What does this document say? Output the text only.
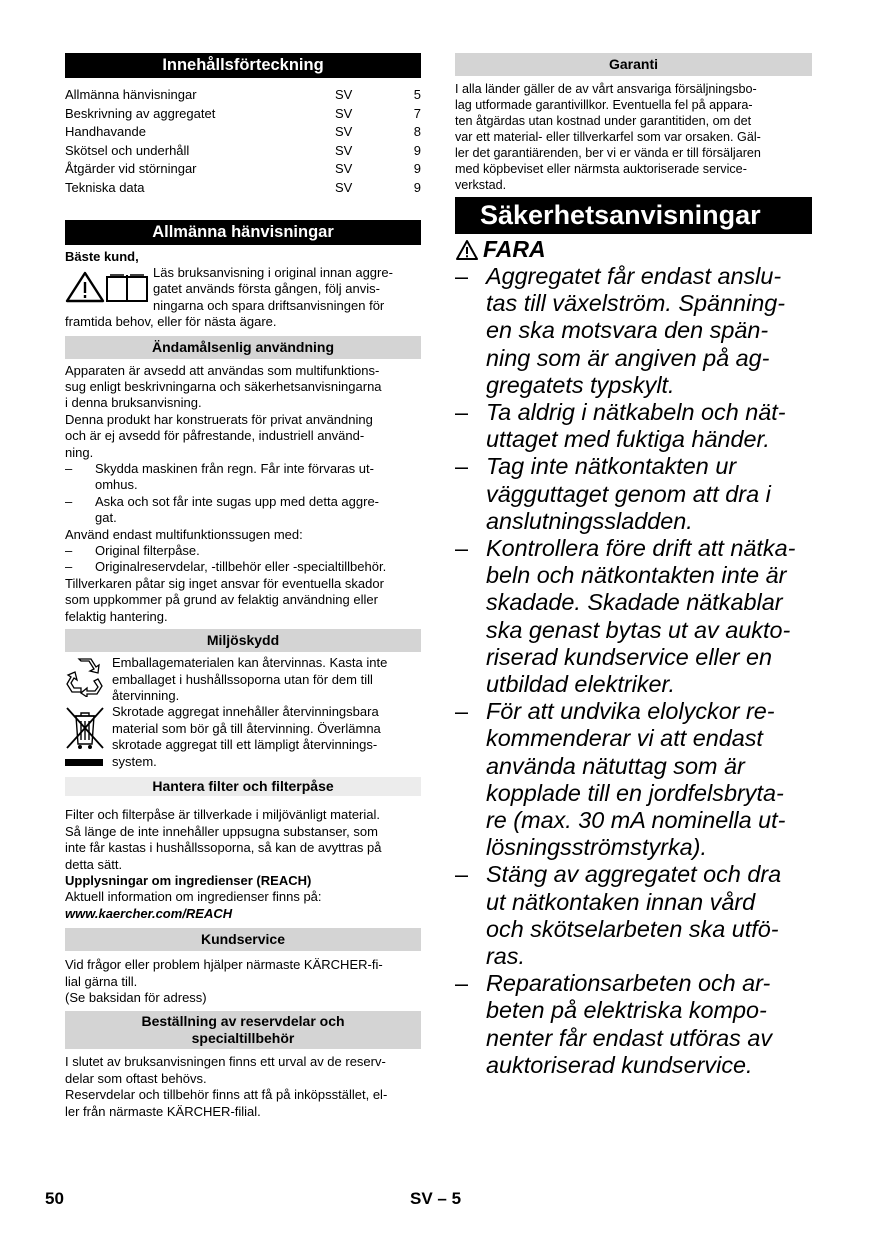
Innehållsförteckning
Allmänna hänvisningar	SV	5
Beskrivning av aggregatet	SV	7
Handhavande	SV	8
Skötsel och underhåll	SV	9
Åtgärder vid störningar	SV	9
Tekniska data	SV	9
Allmänna hänvisningar
Bäste kund,
Läs bruksanvisning i original innan aggre-
gatet används första gången, följ anvis-
ningarna och spara driftsanvisningen för
framtida behov, eller för nästa ägare.
Ändamålsenlig användning
Apparaten är avsedd att användas som multifunktions-
sug enligt beskrivningarna och säkerhetsanvisningarna
i denna bruksanvisning.
Denna produkt har konstruerats för privat användning
och är ej avsedd för påfrestande, industriell använd-
ning.
–	Skydda maskinen från regn. Får inte förvaras ut-
omhus.
–	Aska och sot får inte sugas upp med detta aggre-
gat.
Använd endast multifunktionssugen med:
–	Original filterpåse.
–	Originalreservdelar, -tillbehör eller -specialtillbehör.
Tillverkaren påtar sig inget ansvar för eventuella skador
som uppkommer på grund av felaktig användning eller
felaktig hantering.
Miljöskydd
Emballagematerialen kan återvinnas. Kasta inte
emballaget i hushållssoporna utan för dem till
återvinning.
Skrotade aggregat innehåller återvinningsbara
material som bör gå till återvinning. Överlämna
skrotade aggregat till ett lämpligt återvinnings-
system.
Hantera filter och filterpåse
Filter och filterpåse är tillverkade i miljövänligt material.
Så länge de inte innehåller uppsugna substanser, som
inte får kastas i hushållssoporna, så kan de avyttras på
detta sätt.
Upplysningar om ingredienser (REACH)
Aktuell information om ingredienser finns på:
www.kaercher.com/REACH
Kundservice
Vid frågor eller problem hjälper närmaste KÄRCHER-fi-
lial gärna till.
(Se baksidan för adress)
Beställning av reservdelar och
specialtillbehör
I slutet av bruksanvisningen finns ett urval av de reserv-
delar som oftast behövs.
Reservdelar och tillbehör finns att få på inköpsstället, el-
ler från närmaste KÄRCHER-filial.
Garanti
I alla länder gäller de av vårt ansvariga försäljningsbo-
lag utformade garantivillkor. Eventuella fel på appara-
ten åtgärdas utan kostnad under garantitiden, om det
var ett material- eller tillverkarfel som var orsaken. Gäl-
ler det garantiärenden, ber vi er vända er till försäljaren
med köpbeviset eller närmsta auktoriserade service-
verkstad.
Säkerhetsanvisningar
FARA
– Aggregatet får endast anslu-
tas till växelström. Spänning-
en ska motsvara den spän-
ning som är angiven på ag-
gregatets typskylt.
– Ta aldrig i nätkabeln och nät-
uttaget med fuktiga händer.
– Tag inte nätkontakten ur
vägguttaget genom att dra i
anslutningssladden.
– Kontrollera före drift att nätka-
beln och nätkontakten inte är
skadade. Skadade nätkablar
ska genast bytas ut av aukto-
riserad kundservice eller en
utbildad elektriker.
– För att undvika elolyckor re-
kommenderar vi att endast
använda nätuttag som är
kopplade till en jordfelsbryta-
re (max. 30 mA nominella ut-
lösningsströmstyrka).
– Stäng av aggregatet och dra
ut nätkontaken innan vård
och skötselarbeten ska utfö-
ras.
– Reparationsarbeten och ar-
beten på elektriska kompo-
nenter får endast utföras av
auktoriserad kundservice.
50	SV – 5
